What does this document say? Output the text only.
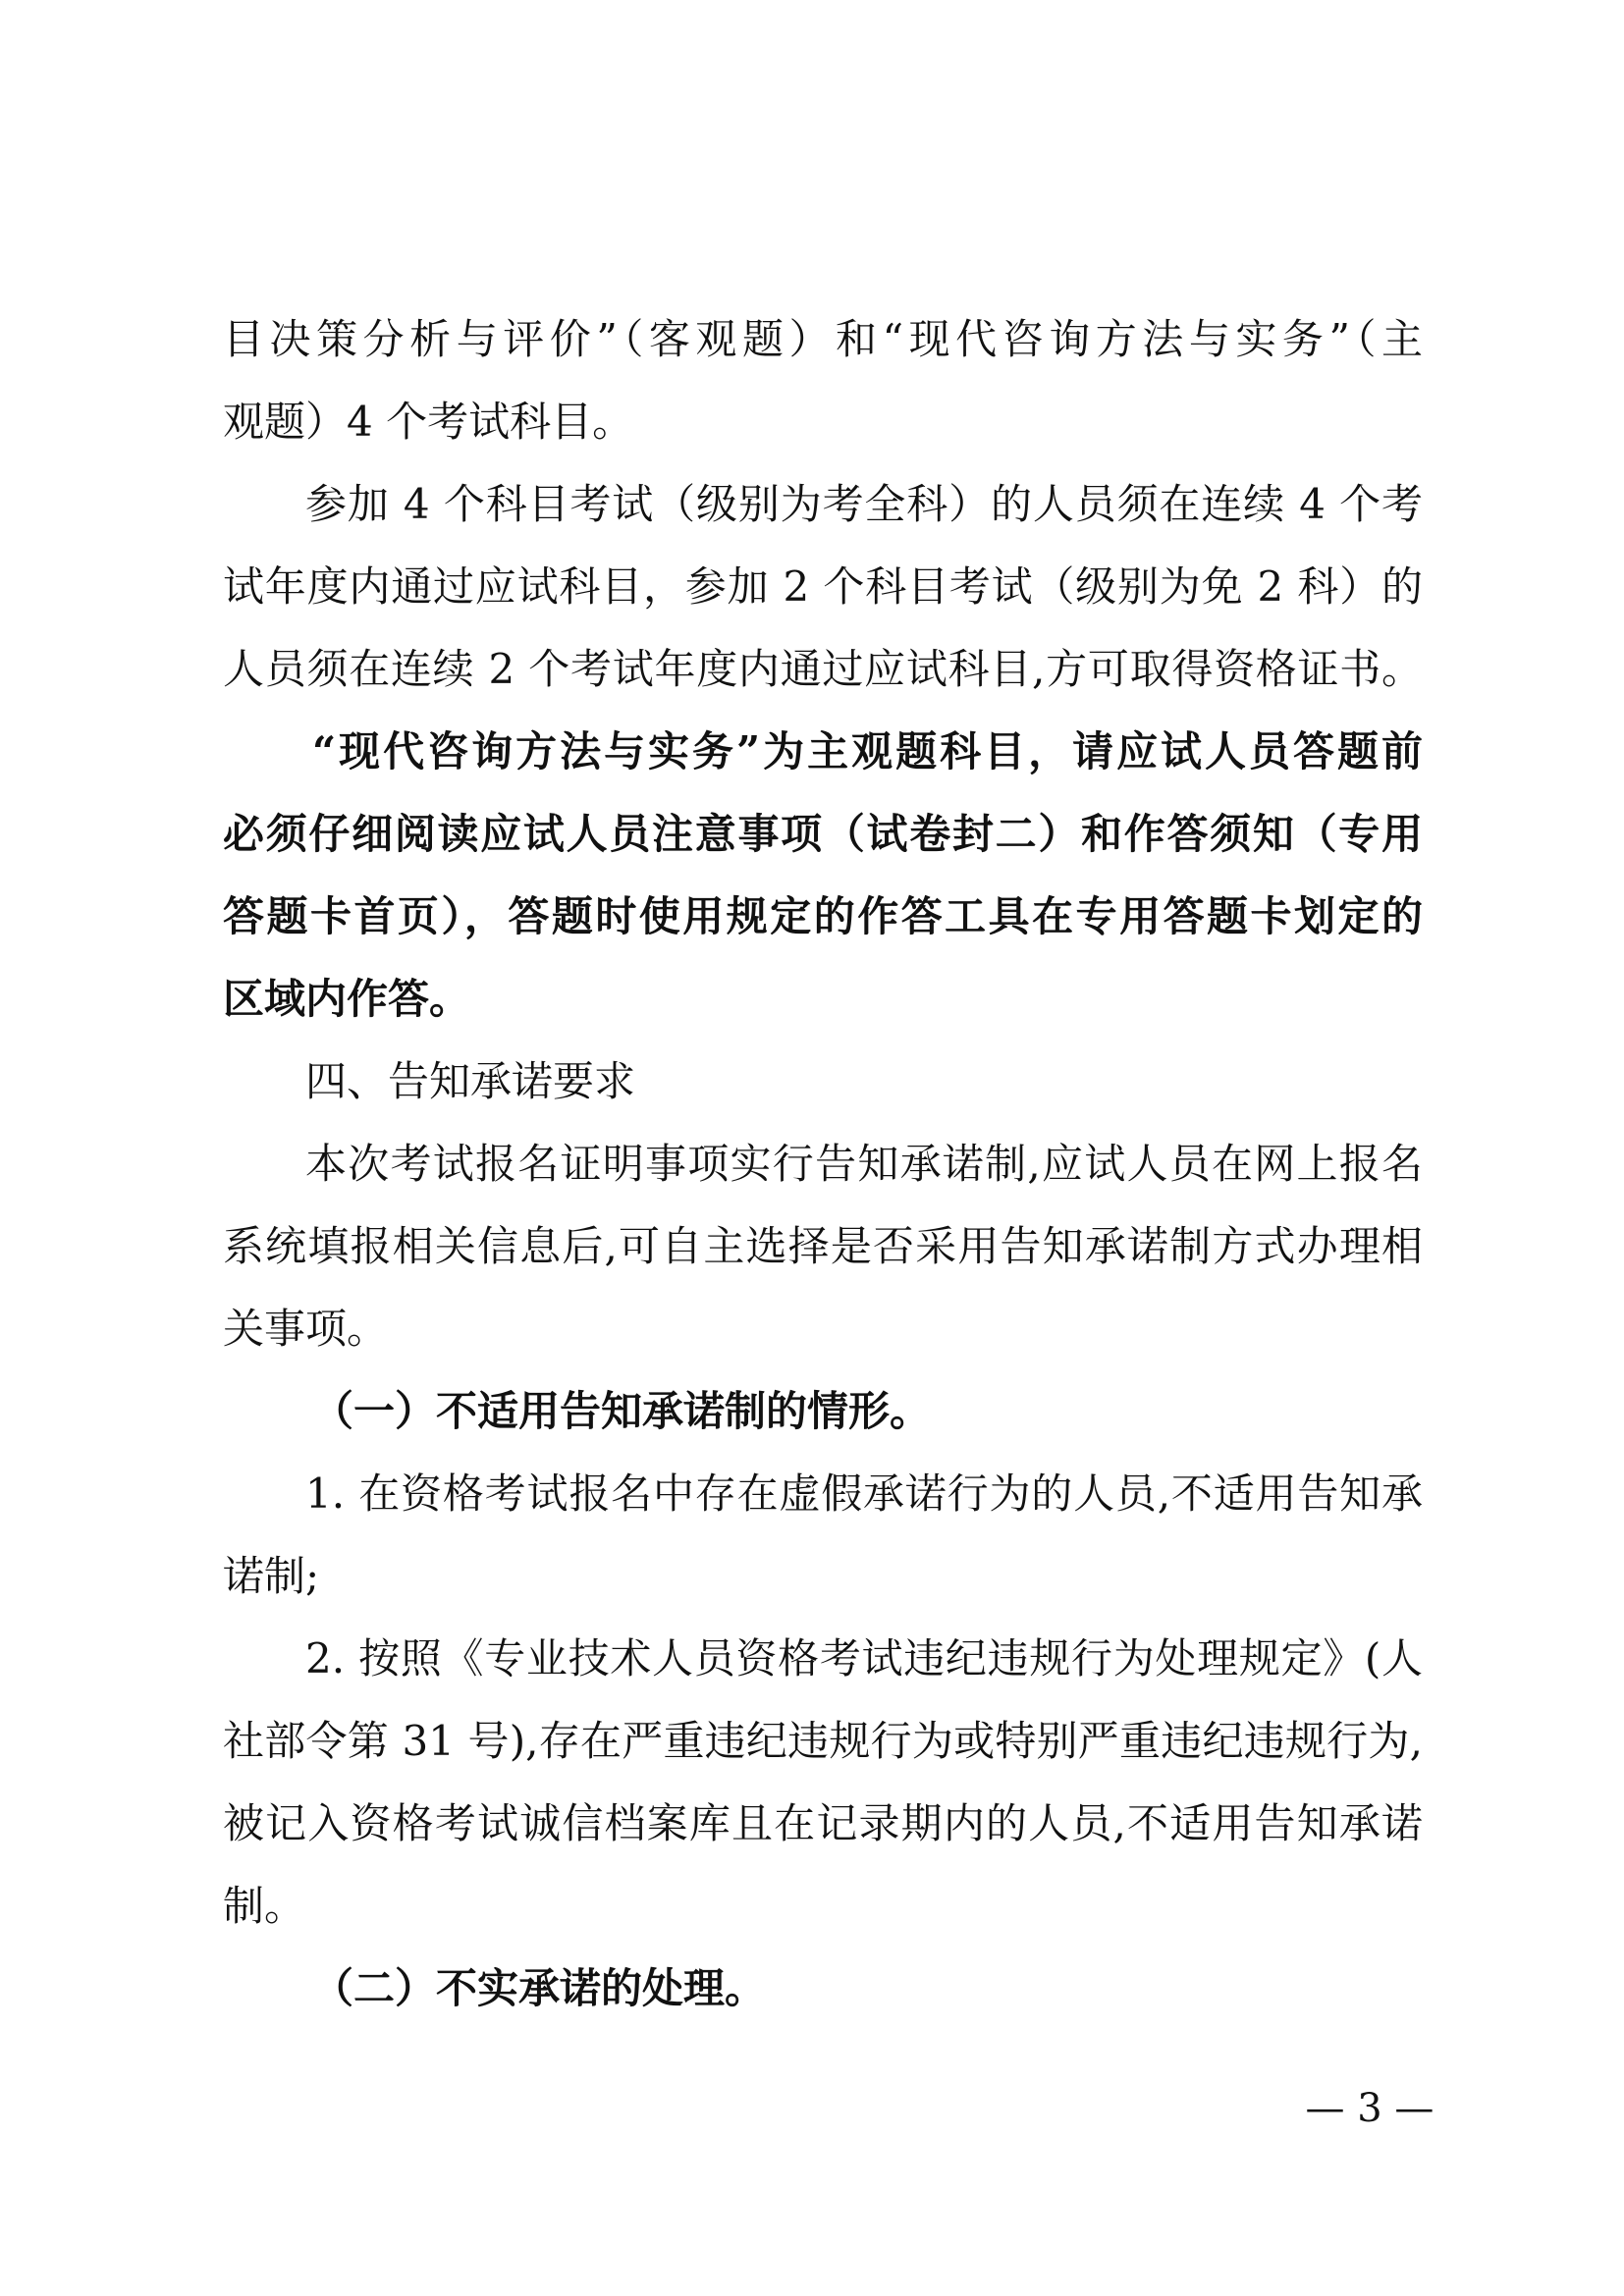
目决策分析与评价”（客观题）和“现代咨询方法与实务”（主

观题）4 个考试科目。

参加 4 个科目考试（级别为考全科）的人员须在连续 4 个考

试年度内通过应试科目，参加 2 个科目考试（级别为免 2 科）的

人员须在连续 2 个考试年度内通过应试科目,方可取得资格证书。

“现代咨询方法与实务”为主观题科目，请应试人员答题前

必须仔细阅读应试人员注意事项（试卷封二）和作答须知（专用

答题卡首页），答题时使用规定的作答工具在专用答题卡划定的

区域内作答。

四、告知承诺要求

本次考试报名证明事项实行告知承诺制,应试人员在网上报名

系统填报相关信息后,可自主选择是否采用告知承诺制方式办理相

关事项。

（一）不适用告知承诺制的情形。

1. 在资格考试报名中存在虚假承诺行为的人员,不适用告知承

诺制;

2. 按照《专业技术人员资格考试违纪违规行为处理规定》(人

社部令第 31 号),存在严重违纪违规行为或特别严重违纪违规行为,

被记入资格考试诚信档案库且在记录期内的人员,不适用告知承诺

制。

（二）不实承诺的处理。

— 3 —
